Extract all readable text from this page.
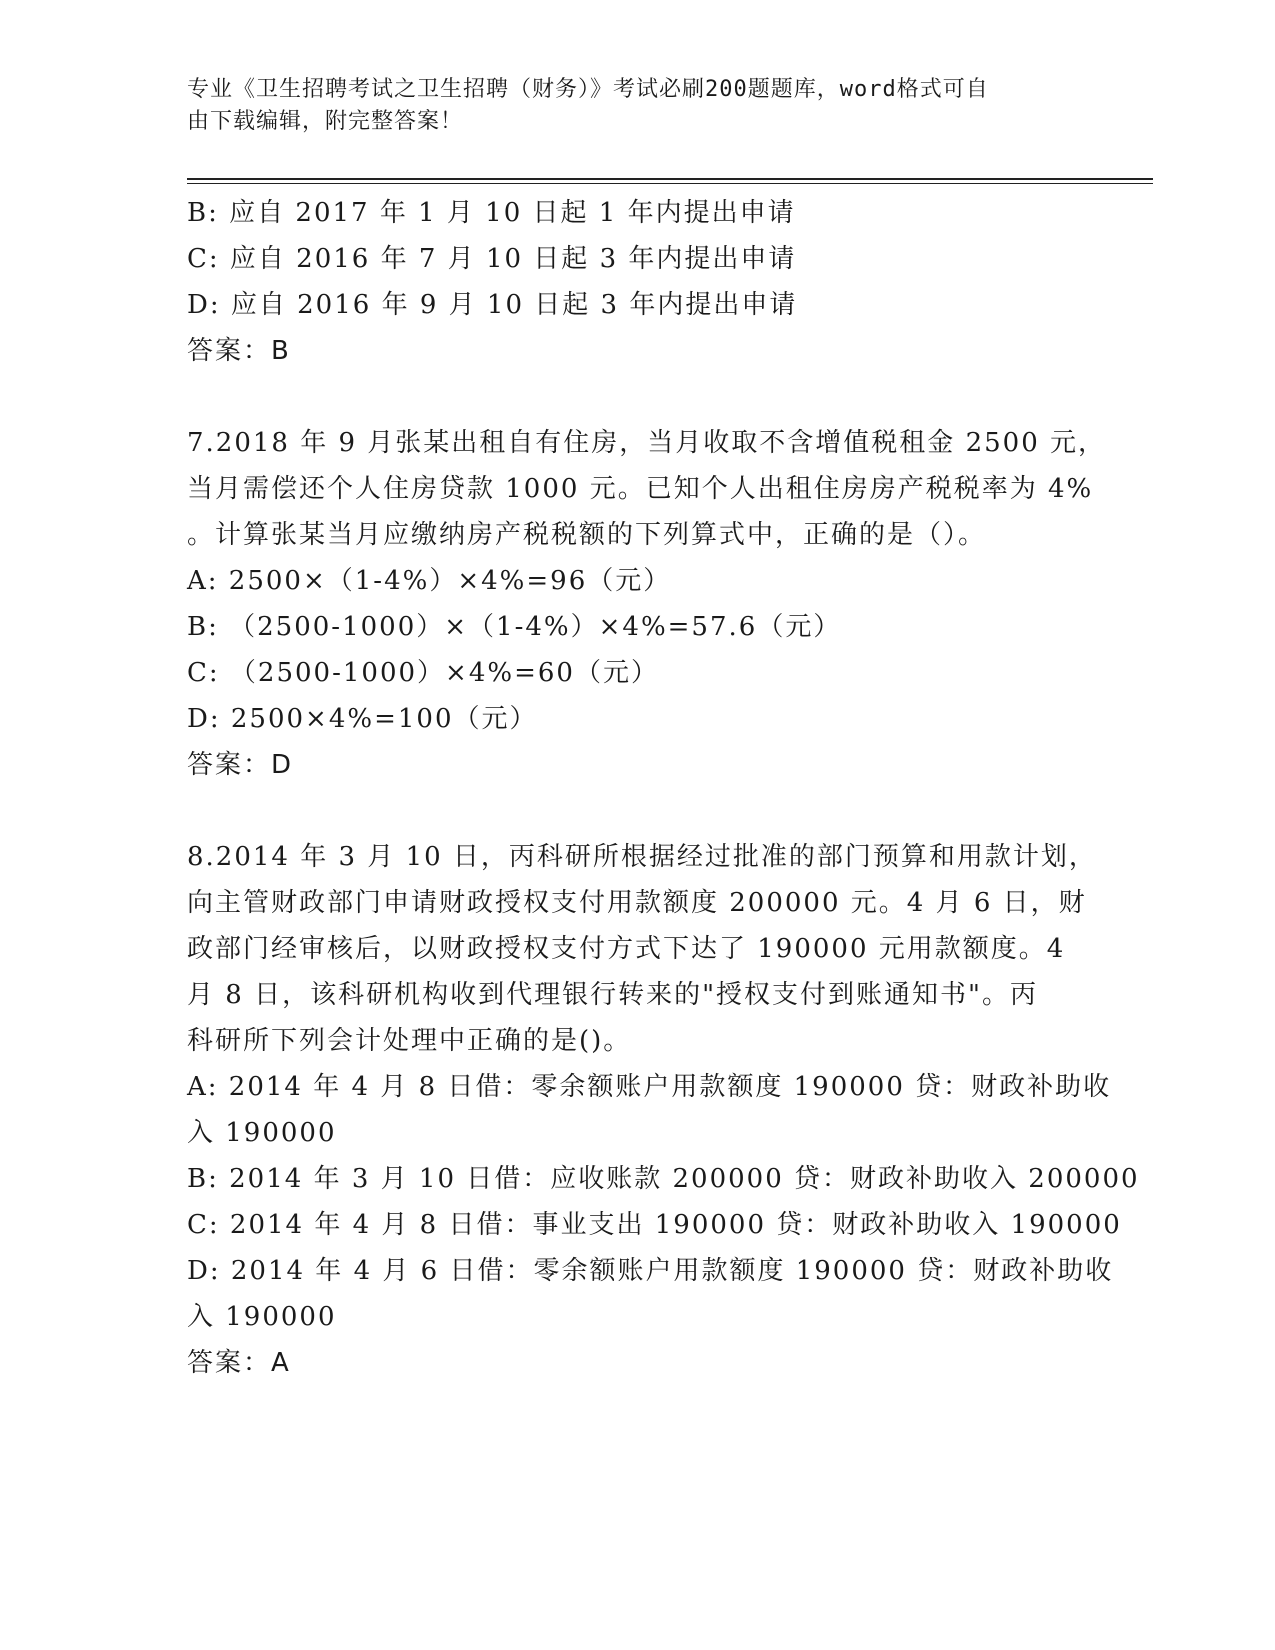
专业《卫生招聘考试之卫生招聘（财务）》考试必刷200题题库，word格式可自
由下载编辑，附完整答案！
B: 应自 2017 年 1 月 10 日起 1 年内提出申请
C: 应自 2016 年 7 月 10 日起 3 年内提出申请
D: 应自 2016 年 9 月 10 日起 3 年内提出申请
答案：B
7.2018 年 9 月张某出租自有住房，当月收取不含增值税租金 2500 元，
当月需偿还个人住房贷款 1000 元。已知个人出租住房房产税税率为 4%
。计算张某当月应缴纳房产税税额的下列算式中，正确的是（）。
A: 2500×（1-4%）×4%=96（元）
B: （2500-1000）×（1-4%）×4%=57.6（元）
C: （2500-1000）×4%=60（元）
D: 2500×4%=100（元）
答案：D
8.2014 年 3 月 10 日，丙科研所根据经过批准的部门预算和用款计划，
向主管财政部门申请财政授权支付用款额度 200000 元。4 月 6 日，财
政部门经审核后，以财政授权支付方式下达了 190000 元用款额度。4
月 8 日，该科研机构收到代理银行转来的"授权支付到账通知书"。丙
科研所下列会计处理中正确的是()。
A: 2014 年 4 月 8 日借：零余额账户用款额度 190000 贷：财政补助收
入 190000
B: 2014 年 3 月 10 日借：应收账款 200000 贷：财政补助收入 200000
C: 2014 年 4 月 8 日借：事业支出 190000 贷：财政补助收入 190000
D: 2014 年 4 月 6 日借：零余额账户用款额度 190000 贷：财政补助收
入 190000
答案：A
